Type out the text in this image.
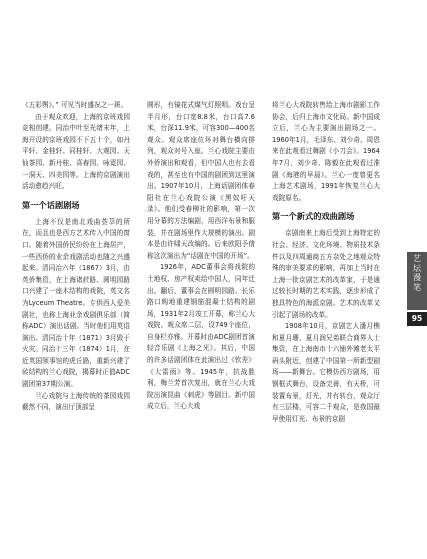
《五彩舆》。” 可见当时盛况之一斑。

由于观众欢迎，上海的京班戏园竞相创建。同治中叶至光绪末年，上海开设的京班戏园不下五十个，如丹平轩、金桂轩、同桂轩、大观园、天仙茶园、新丹桂、喜春园、咏霓园、一洞天、四美园等。上海的京剧演出活动愈趋兴旺。

第一个话剧剧场

上海不仅是南北戏曲荟萃的所在，而且也是西方艺术传入中国的窗口。随着外国侨民纷纷在上海居产，一些西侨的业余戏剧活动也随之兴盛起来。清同治六年（1867）3月，由英侨集资，在上海诸荭路、圆明园路口兴建了一座木结构的戏院，英文名为Lyceum Theatre。专供西人爱美剧社，也称上海业余戏剧俱乐部（简称ADC）演出话剧。当时他们用英语演出。清同治十年（1871）3月毁于火灾。同治十三年（1874）1月，在近英国领事馆的虎丘路，重新兴建了砖结构的兰心戏院，揭幕时正值ADC剧团第37期公演。

兰心戏院与上海传统的茶园戏园截然不同，演出厅顶部呈

圆形，有镜花式煤气灯照明。戏台呈半月形，台口宽8.8米，台口高7.6米，台深11.9米，可容300—400名观众。观众席座位环对舞台横向排列，观众对号入座。兰心戏院主要由外侨演出和观看，但中国人也有去看戏的，甚至也有中国的剧团到这里演出。1907年10月，上海话剧团体春阳社在兰心戏院公演《黑奴吁天录》。他们受春柳社的影响，第一次用分幕的方法编剧，用西洋布景和服装，并在剧场里作大规模的演出。剧本是由许啸天改编的。后来欧阳予倩称这次演出为“话剧在中国的开场”。

1926年，ADC董事会将戏院的土地权、房产权卖给中国人，同年迁出。翻后，董事会在圆明园路、长乐路口购地重建钢筋混凝土结构的剧场，1931年2月竣工开幕，称兰心大戏院。观众席二层，设749个座位，自身栏亦雅。开幕时由ADC剧团首演轻音乐剧《上海之光》。其后，中国的许多话剧团体在此演出过《钦差》《大雷雨》等。1945年，抗战胜利，梅兰芳首次复出，就在兰心大戏院出演昆曲《刺虎》等剧目。新中国成立后，兰心大戏

将兰心大戏院转售给上海市剧影工作协会，后归上海市文化局。新中国成立后，兰心为主要演出剧场之一。1960年1月，毛泽东、刘少奇、周恩来在此观看过舞剧《小刀会》。1964年7月，刘少奇、陈毅在此观看过准剧《海港的早晨》。兰心一度曾更名上海艺术剧场，1991年恢复兰心大戏院原名。

第一个新式的戏曲剧场

京剧南来上海后受到上海特定的社会、经济、文化环境、物质技术条件以及四周通商五方杂处之地观众特殊的审美要求的影响，再加上当时在上海一批京剧艺术的改革家，于是通过较长时期的艺术实践，逐步形成了独具特色的海派京剧。艺术的改革又引起了剧场的改革。

1908年10月，京剧艺人潘月樵和夏月珊、夏月润兄弟联合商界人士集资，在上海南市十六铺外滩老太平码头附近，创建了中国第一所新型剧场——新舞台。它模仿西方剧场，用钢框式舞台，设备完善，有天桥，可装置布景，灯光，并有转台，观众厅有三层楼，可容二千观众，是我国最早使用灯光、布景的京剧

艺
坛
漫
笔
95
